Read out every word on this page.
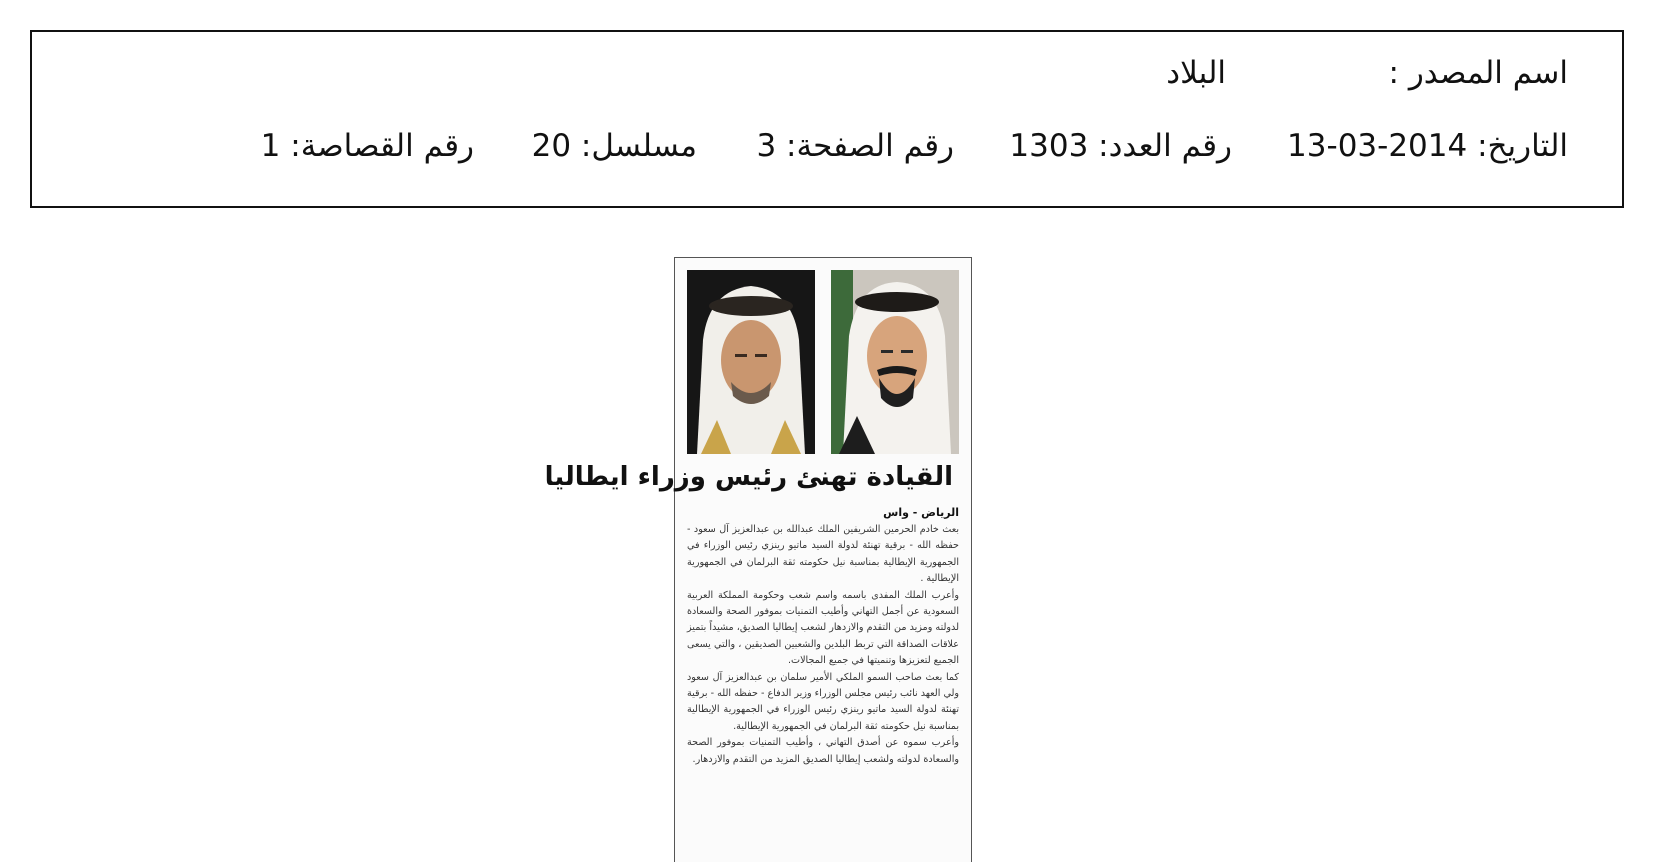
اسم المصدر :
البلاد
التاريخ: 2014-03-13
رقم العدد: 1303
رقم الصفحة: 3
مسلسل: 20
رقم القصاصة: 1
القيادة تهنئ رئيس وزراء ايطاليا
الرياض - واس

بعث خادم الحرمين الشريفين الملك عبدالله بن عبدالعزيز آل سعود - حفظه الله - برقية تهنئة لدولة السيد ماتيو رينزي رئيس الوزراء في الجمهورية الإيطالية بمناسبة نيل حكومته ثقة البرلمان في الجمهورية الإيطالية .

وأعرب الملك المفدى باسمه واسم شعب وحكومة المملكة العربية السعودية عن أجمل التهاني وأطيب التمنيات بموفور الصحة والسعادة لدولته ومزيد من التقدم والازدهار لشعب إيطاليا الصديق، مشيداً بتميز علاقات الصداقة التي تربط البلدين والشعبين الصديقين ، والتي يسعى الجميع لتعزيزها وتنميتها في جميع المجالات.

كما بعث صاحب السمو الملكي الأمير سلمان بن عبدالعزيز آل سعود ولي العهد نائب رئيس مجلس الوزراء وزير الدفاع - حفظه الله - برقية تهنئة لدولة السيد ماتيو رينزي رئيس الوزراء في الجمهورية الإيطالية بمناسبة نيل حكومته ثقة البرلمان في الجمهورية الإيطالية.

وأعرب سموه عن أصدق التهاني ، وأطيب التمنيات بموفور الصحة والسعادة لدولته ولشعب إيطاليا الصديق المزيد من التقدم والازدهار.
